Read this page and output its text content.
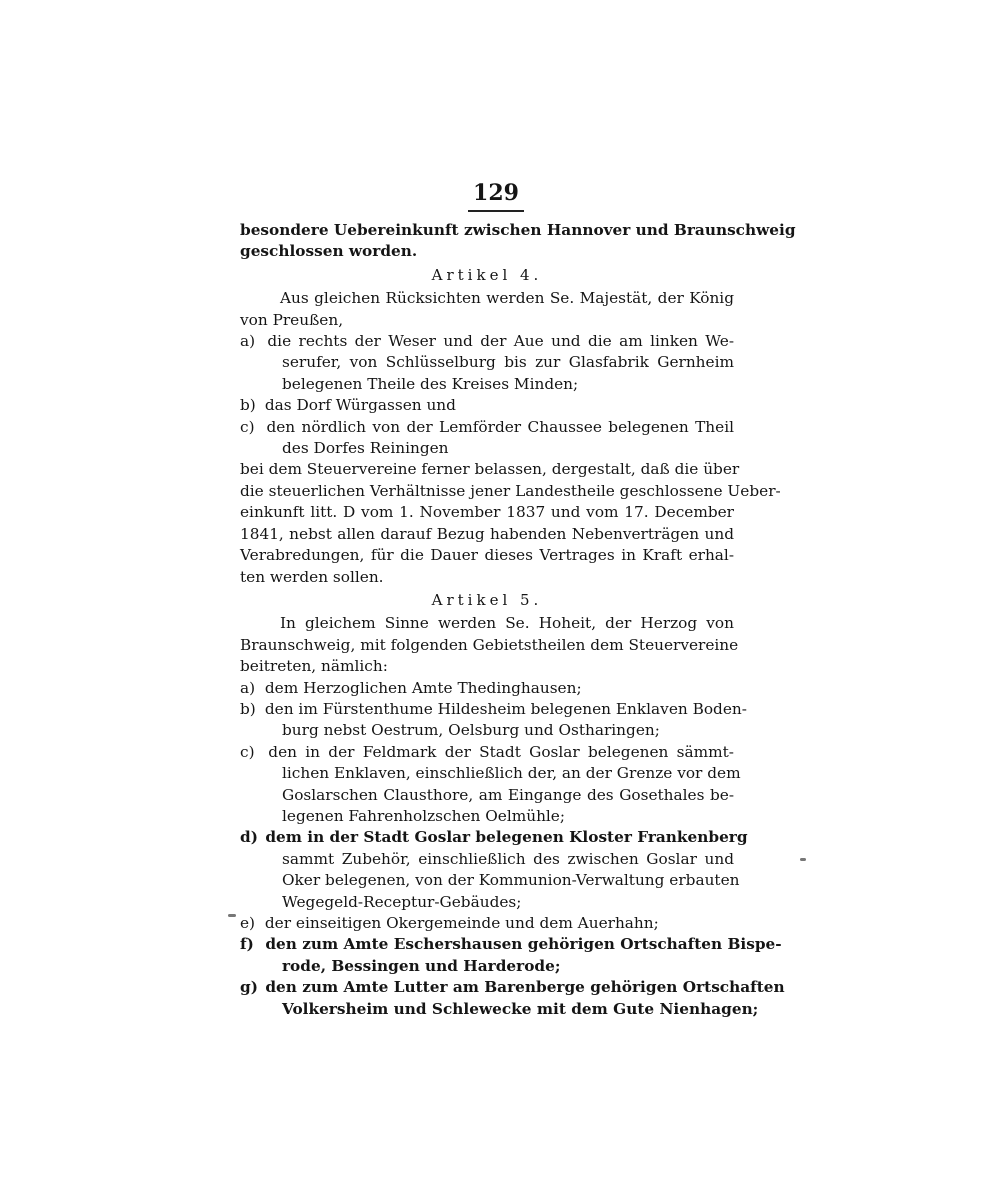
129
besondere Uebereinkunft zwischen Hannover und Braunschweig
geschlossen worden.
Artikel 4.
Aus gleichen Rücksichten werden Se. Majestät, der König
von Preußen,
a) die rechts der Weser und der Aue und die am linken We-
serufer, von Schlüsselburg bis zur Glasfabrik Gernheim
belegenen Theile des Kreises Minden;
b) das Dorf Würgassen und
c) den nördlich von der Lemförder Chaussee belegenen Theil
des Dorfes Reiningen
bei dem Steuervereine ferner belassen, dergestalt, daß die über
die steuerlichen Verhältnisse jener Landestheile geschlossene Ueber-
einkunft litt. D vom 1. November 1837 und vom 17. December
1841, nebst allen darauf Bezug habenden Nebenverträgen und
Verabredungen, für die Dauer dieses Vertrages in Kraft erhal-
ten werden sollen.
Artikel 5.
In gleichem Sinne werden Se. Hoheit, der Herzog von
Braunschweig, mit folgenden Gebietstheilen dem Steuervereine
beitreten, nämlich:
a) dem Herzoglichen Amte Thedinghausen;
b) den im Fürstenthume Hildesheim belegenen Enklaven Boden-
burg nebst Oestrum, Oelsburg und Ostharingen;
c) den in der Feldmark der Stadt Goslar belegenen sämmt-
lichen Enklaven, einschließlich der, an der Grenze vor dem
Goslarschen Clausthore, am Eingange des Gosethales be-
legenen Fahrenholzschen Oelmühle;
d) dem in der Stadt Goslar belegenen Kloster Frankenberg
sammt Zubehör, einschließlich des zwischen Goslar und
Oker belegenen, von der Kommunion-Verwaltung erbauten
Wegegeld-Receptur-Gebäudes;
e) der einseitigen Okergemeinde und dem Auerhahn;
f) den zum Amte Eschershausen gehörigen Ortschaften Bispe-
rode, Bessingen und Harderode;
g) den zum Amte Lutter am Barenberge gehörigen Ortschaften
Volkersheim und Schlewecke mit dem Gute Nienhagen;
